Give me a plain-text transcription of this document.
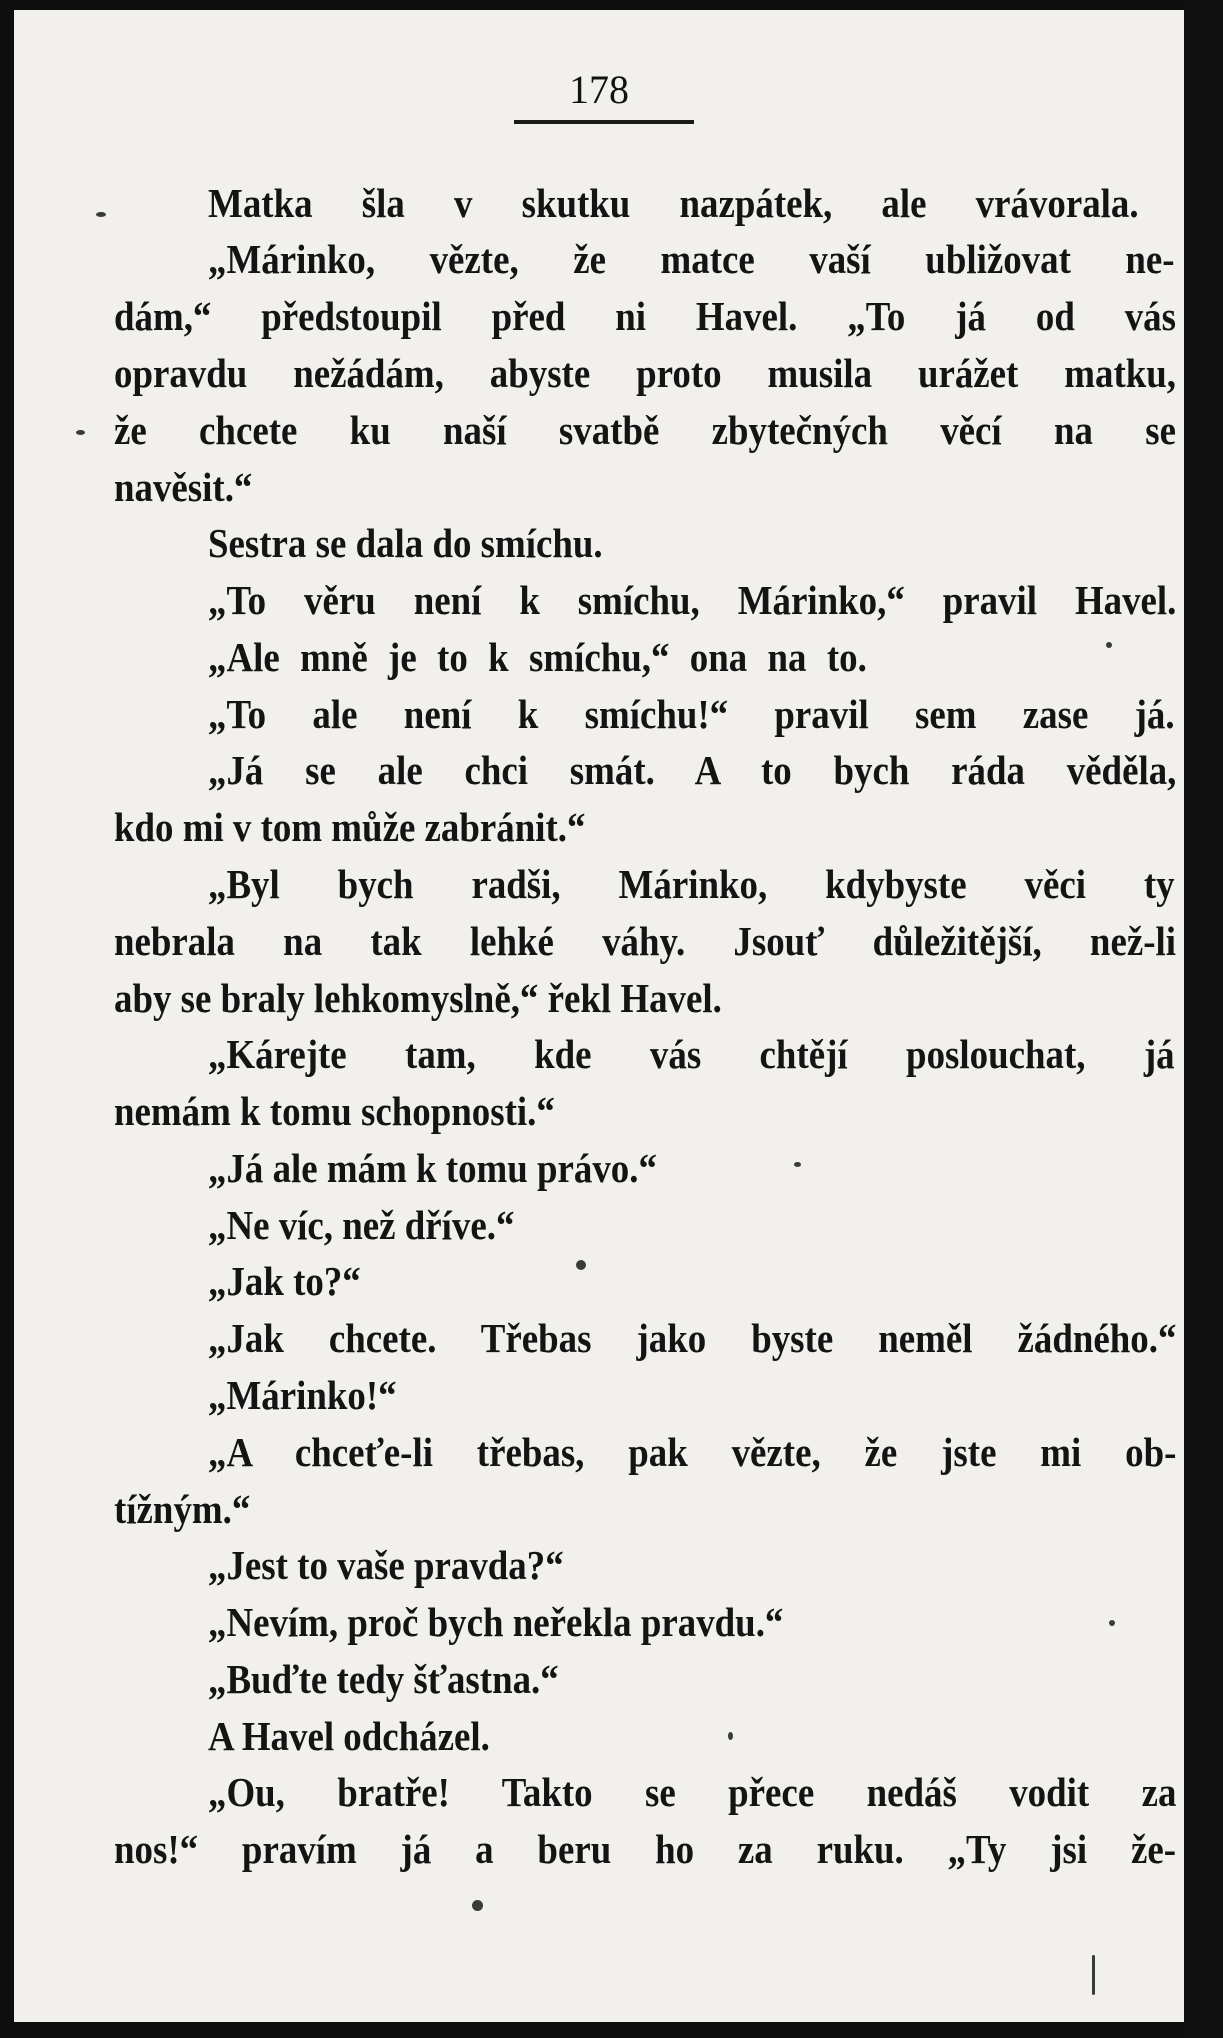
178
Matka šla v skutku nazpátek, ale vrávorala.
„Márinko, vězte, že matce vaší ubližovat ne-
dám,“ předstoupil před ni Havel. „To já od vás
opravdu nežádám, abyste proto musila urážet matku,
že chcete ku naší svatbě zbytečných věcí na se
navěsit.“
Sestra se dala do smíchu.
„To věru není k smíchu, Márinko,“ pravil Havel.
„Ale mně je to k smíchu,“ ona na to.
„To ale není k smíchu!“ pravil sem zase já.
„Já se ale chci smát. A to bych ráda věděla,
kdo mi v tom může zabránit.“
„Byl bych radši, Márinko, kdybyste věci ty
nebrala na tak lehké váhy. Jsouť důležitější, než-li
aby se braly lehkomyslně,“ řekl Havel.
„Kárejte tam, kde vás chtějí poslouchat, já
nemám k tomu schopnosti.“
„Já ale mám k tomu právo.“
„Ne víc, než dříve.“
„Jak to?“
„Jak chcete. Třebas jako byste neměl žádného.“
„Márinko!“
„A chceťe-li třebas, pak vězte, že jste mi ob-
tížným.“
„Jest to vaše pravda?“
„Nevím, proč bych neřekla pravdu.“
„Buďte tedy šťastna.“
A Havel odcházel.
„Ou, bratře! Takto se přece nedáš vodit za
nos!“ pravím já a beru ho za ruku. „Ty jsi že-
